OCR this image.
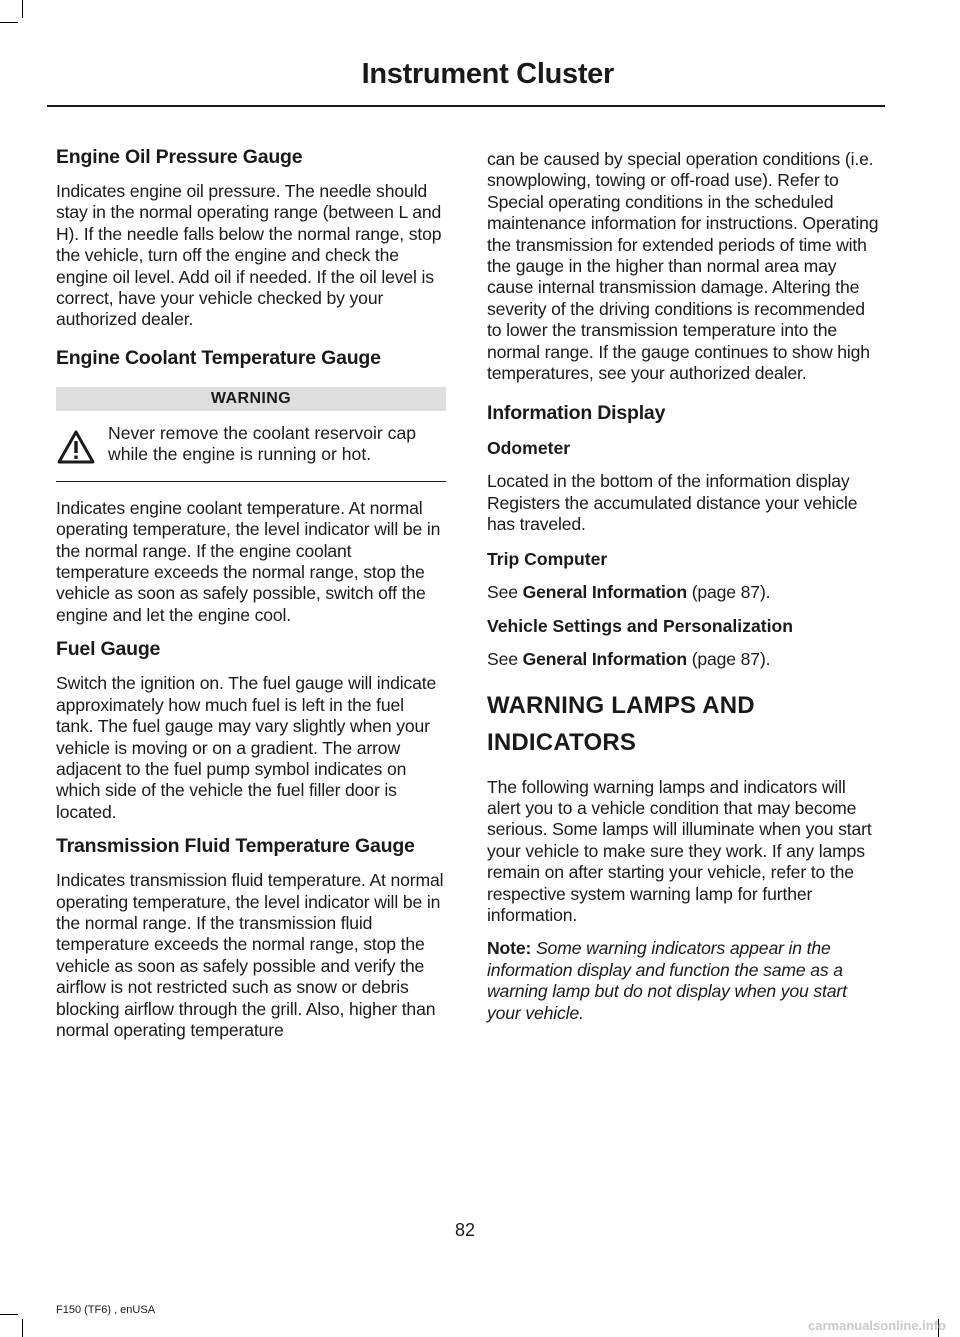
Instrument Cluster
Engine Oil Pressure Gauge

Indicates engine oil pressure. The needle should stay in the normal operating range (between L and H). If the needle falls below the normal range, stop the vehicle, turn off the engine and check the engine oil level. Add oil if needed. If the oil level is correct, have your vehicle checked by your authorized dealer.

Engine Coolant Temperature Gauge
WARNING
Never remove the coolant reservoir cap while the engine is running or hot.

Indicates engine coolant temperature. At normal operating temperature, the level indicator will be in the normal range. If the engine coolant temperature exceeds the normal range, stop the vehicle as soon as safely possible, switch off the engine and let the engine cool.

Fuel Gauge

Switch the ignition on. The fuel gauge will indicate approximately how much fuel is left in the fuel tank. The fuel gauge may vary slightly when your vehicle is moving or on a gradient. The arrow adjacent to the fuel pump symbol indicates on which side of the vehicle the fuel filler door is located.

Transmission Fluid Temperature Gauge

Indicates transmission fluid temperature. At normal operating temperature, the level indicator will be in the normal range. If the transmission fluid temperature exceeds the normal range, stop the vehicle as soon as safely possible and verify the airflow is not restricted such as snow or debris blocking airflow through the grill. Also, higher than normal operating temperature

can be caused by special operation conditions (i.e. snowplowing, towing or off-road use). Refer to Special operating conditions in the scheduled maintenance information for instructions. Operating the transmission for extended periods of time with the gauge in the higher than normal area may cause internal transmission damage. Altering the severity of the driving conditions is recommended to lower the transmission temperature into the normal range. If the gauge continues to show high temperatures, see your authorized dealer.

Information Display
Odometer

Located in the bottom of the information display Registers the accumulated distance your vehicle has traveled.

Trip Computer

See General Information (page 87).

Vehicle Settings and Personalization

See General Information (page 87).

WARNING LAMPS AND
INDICATORS

The following warning lamps and indicators will alert you to a vehicle condition that may become serious. Some lamps will illuminate when you start your vehicle to make sure they work. If any lamps remain on after starting your vehicle, refer to the respective system warning lamp for further information.

Note: Some warning indicators appear in the information display and function the same as a warning lamp but do not display when you start your vehicle.

82
F150 (TF6) , enUSA
carmanualsonline.info
